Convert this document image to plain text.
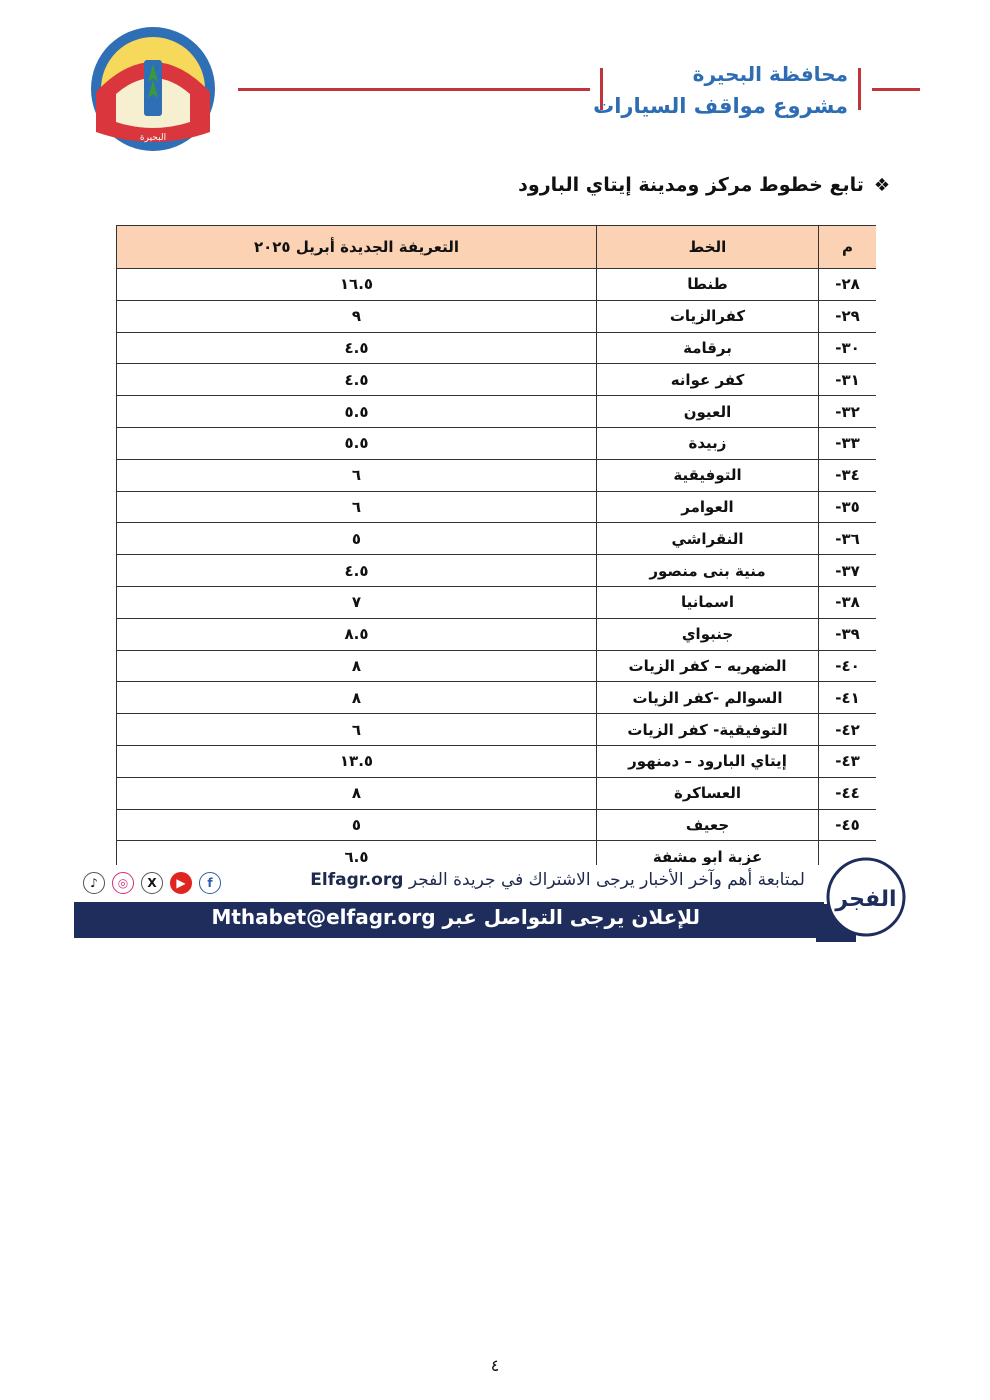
البحيرة
محافظة البحيرة
مشروع مواقف السيارات
❖
تابع خطوط مركز ومدينة إيتاي البارود
م	الخط	التعريفة الجديدة أبريل ٢٠٢٥
٢٨-	طنطا	١٦.٥
٢٩-	كفرالزيات	٩
٣٠-	برقامة	٤.٥
٣١-	كفر عوانه	٤.٥
٣٢-	العيون	٥.٥
٣٣-	زبيدة	٥.٥
٣٤-	التوفيقية	٦
٣٥-	العوامر	٦
٣٦-	النقراشي	٥
٣٧-	منية بنى منصور	٤.٥
٣٨-	اسمانيا	٧
٣٩-	جنبواي	٨.٥
٤٠-	الضهريه – كفر الزيات	٨
٤١-	السوالم -كفر الزيات	٨
٤٢-	التوفيقية- كفر الزيات	٦
٤٣-	إيتاي البارود – دمنهور	١٣.٥
٤٤-	العساكرة	٨
٤٥-	جعيف	٥
	عزبة ابو مشفة	٦.٥
لمتابعة أهم وآخر الأخبار يرجى الاشتراك في جريدة الفجر Elfagr.org
♪	◎	X	▶	f
للإعلان يرجى التواصل عبر Mthabet@elfagr.org
الفجر
٤
